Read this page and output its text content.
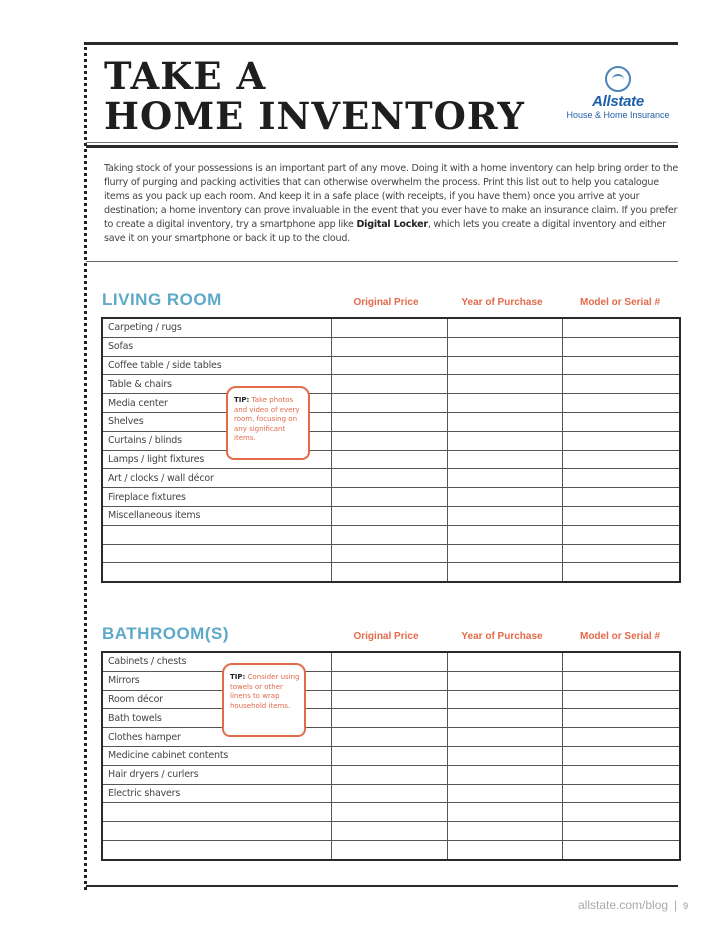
TAKE A
HOME INVENTORY	Allstate
House & Home Insurance

Taking stock of your possessions is an important part of any move. Doing it with a home inventory can help bring order to the flurry of purging and packing activities that can otherwise overwhelm the process. Print this list out to help you catalogue items as you pack up each room. And keep it in a safe place (with receipts, if you have them) once you arrive at your destination; a home inventory can prove invaluable in the event that you ever have to make an insurance claim. If you prefer to create a digital inventory, try a smartphone app like Digital Locker, which lets you create a digital inventory and either save it on your smartphone or back it up to the cloud.

LIVING ROOM	Original Price	Year of Purchase	Model or Serial #
Carpeting / rugs			
Sofas			
Coffee table / side tables			
Table & chairs			
Media center			
Shelves			
Curtains / blinds			
Lamps / light fixtures			
Art / clocks / wall décor			
Fireplace fixtures			
Miscellaneous items			

TIP: Take photos and video of every room, focusing on any significant items.
BATHROOM(S)	Original Price	Year of Purchase	Model or Serial #
Cabinets / chests			
Mirrors			
Room décor			
Bath towels			
Clothes hamper			
Medicine cabinet contents			
Hair dryers / curlers			
Electric shavers			

TIP: Consider using towels or other linens to wrap household items.
allstate.com/blog | 9
